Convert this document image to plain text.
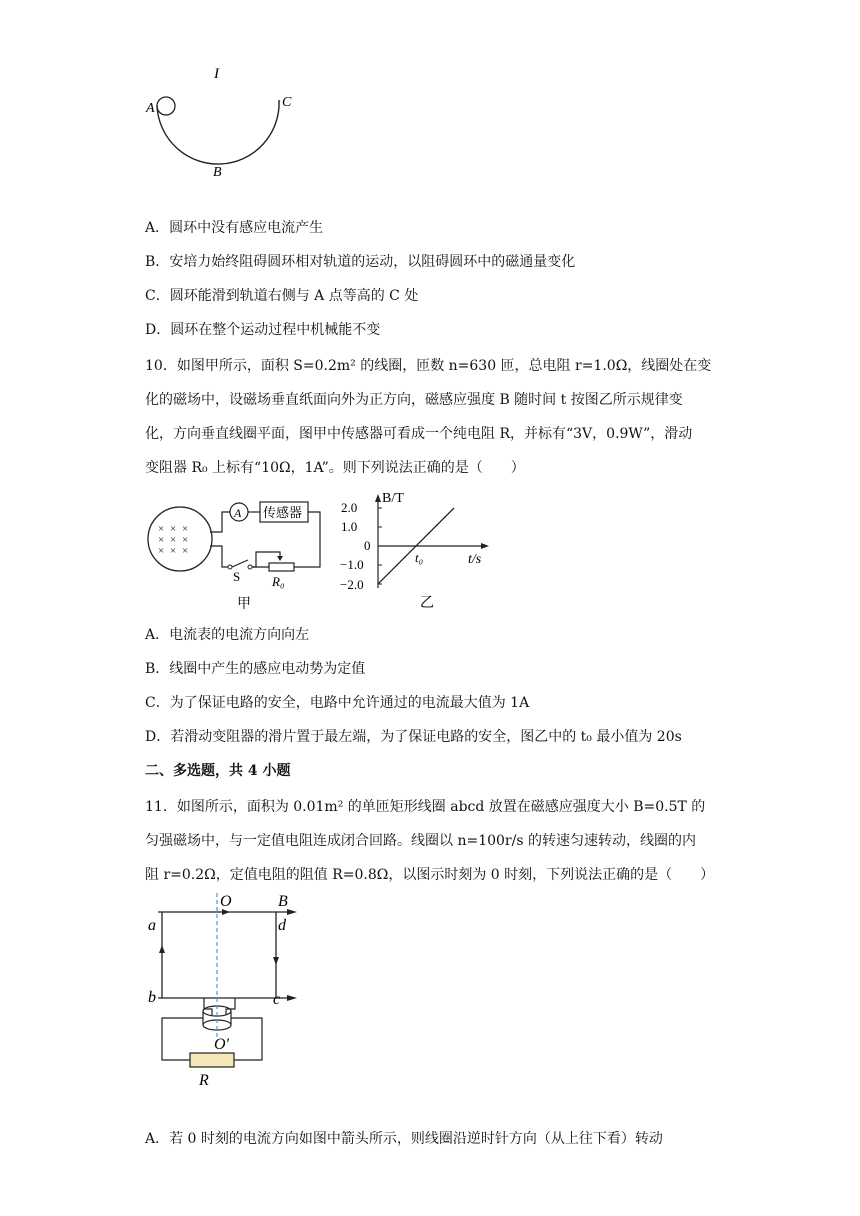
I
A	C
B
A．圆环中没有感应电流产生
B．安培力始终阻碍圆环相对轨道的运动，以阻碍圆环中的磁通量变化
C．圆环能滑到轨道右侧与 A 点等高的 C 处
D．圆环在整个运动过程中机械能不变
10．如图甲所示，面积 S=0.2m² 的线圈，匝数 n=630 匝，总电阻 r=1.0Ω，线圈处在变
化的磁场中，设磁场垂直纸面向外为正方向，磁感应强度 B 随时间 t 按图乙所示规律变
化，方向垂直线圈平面，图甲中传感器可看成一个纯电阻 R，并标有“3V，0.9W”，滑动
变阻器 R₀ 上标有“10Ω，1A”。则下列说法正确的是（　　）
× × ×
× × ×
× × ×
A 传感器
S R₀
甲
B/T
t/s
2.0
1.0
0
−1.0
−2.0
t₀
乙
A．电流表的电流方向向左
B．线圈中产生的感应电动势为定值
C．为了保证电路的安全，电路中允许通过的电流最大值为 1A
D．若滑动变阻器的滑片置于最左端，为了保证电路的安全，图乙中的 t₀ 最小值为 20s
二、多选题，共 4 小题
11．如图所示，面积为 0.01m² 的单匝矩形线圈 abcd 放置在磁感应强度大小 B=0.5T 的
匀强磁场中，与一定值电阻连成闭合回路。线圈以 n=100r/s 的转速匀速转动，线圈的内
阻 r=0.2Ω，定值电阻的阻值 R=0.8Ω，以图示时刻为 0 时刻，下列说法正确的是（　　）
O	B
a	d
b	c
O′
R
A．若 0 时刻的电流方向如图中箭头所示，则线圈沿逆时针方向（从上往下看）转动
